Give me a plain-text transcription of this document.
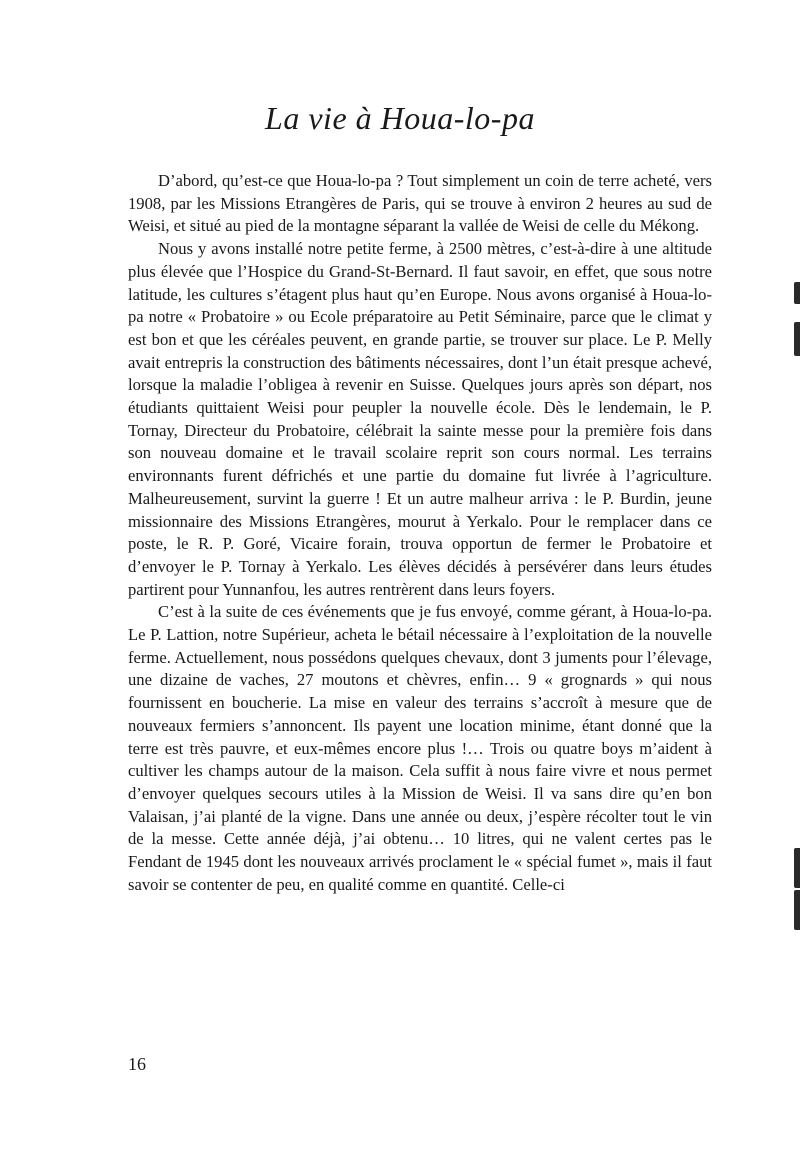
La vie à Houa-lo-pa

D’abord, qu’est-ce que Houa-lo-pa ? Tout simplement un coin de terre acheté, vers 1908, par les Missions Etrangères de Paris, qui se trouve à environ 2 heures au sud de Weisi, et situé au pied de la montagne séparant la vallée de Weisi de celle du Mékong.

Nous y avons installé notre petite ferme, à 2500 mètres, c’est-à-dire à une altitude plus élevée que l’Hospice du Grand-St-Bernard. Il faut savoir, en effet, que sous notre latitude, les cultures s’étagent plus haut qu’en Europe. Nous avons organisé à Houa-lo-pa notre « Probatoire » ou Ecole préparatoire au Petit Séminaire, parce que le climat y est bon et que les céréales peuvent, en grande partie, se trouver sur place. Le P. Melly avait entrepris la construction des bâtiments nécessaires, dont l’un était presque achevé, lorsque la maladie l’obligea à revenir en Suisse. Quelques jours après son départ, nos étudiants quittaient Weisi pour peupler la nouvelle école. Dès le lendemain, le P. Tornay, Directeur du Probatoire, célébrait la sainte messe pour la première fois dans son nouveau domaine et le travail scolaire reprit son cours normal. Les terrains environnants furent défrichés et une partie du domaine fut livrée à l’agriculture. Malheureusement, survint la guerre ! Et un autre malheur arriva : le P. Burdin, jeune missionnaire des Missions Etrangères, mourut à Yerkalo. Pour le remplacer dans ce poste, le R. P. Goré, Vicaire forain, trouva opportun de fermer le Probatoire et d’envoyer le P. Tornay à Yerkalo. Les élèves décidés à persévérer dans leurs études partirent pour Yunnanfou, les autres rentrèrent dans leurs foyers.

C’est à la suite de ces événements que je fus envoyé, comme gérant, à Houa-lo-pa. Le P. Lattion, notre Supérieur, acheta le bétail nécessaire à l’exploitation de la nouvelle ferme. Actuellement, nous possédons quelques chevaux, dont 3 juments pour l’élevage, une dizaine de vaches, 27 moutons et chèvres, enfin… 9 « grognards » qui nous fournissent en boucherie. La mise en valeur des terrains s’accroît à mesure que de nouveaux fermiers s’annoncent. Ils payent une location minime, étant donné que la terre est très pauvre, et eux-mêmes encore plus !… Trois ou quatre boys m’aident à cultiver les champs autour de la maison. Cela suffit à nous faire vivre et nous permet d’envoyer quelques secours utiles à la Mission de Weisi. Il va sans dire qu’en bon Valaisan, j’ai planté de la vigne. Dans une année ou deux, j’espère récolter tout le vin de la messe. Cette année déjà, j’ai obtenu… 10 litres, qui ne valent certes pas le Fendant de 1945 dont les nouveaux arrivés proclament le « spécial fumet », mais il faut savoir se contenter de peu, en qualité comme en quantité. Celle-ci

16
